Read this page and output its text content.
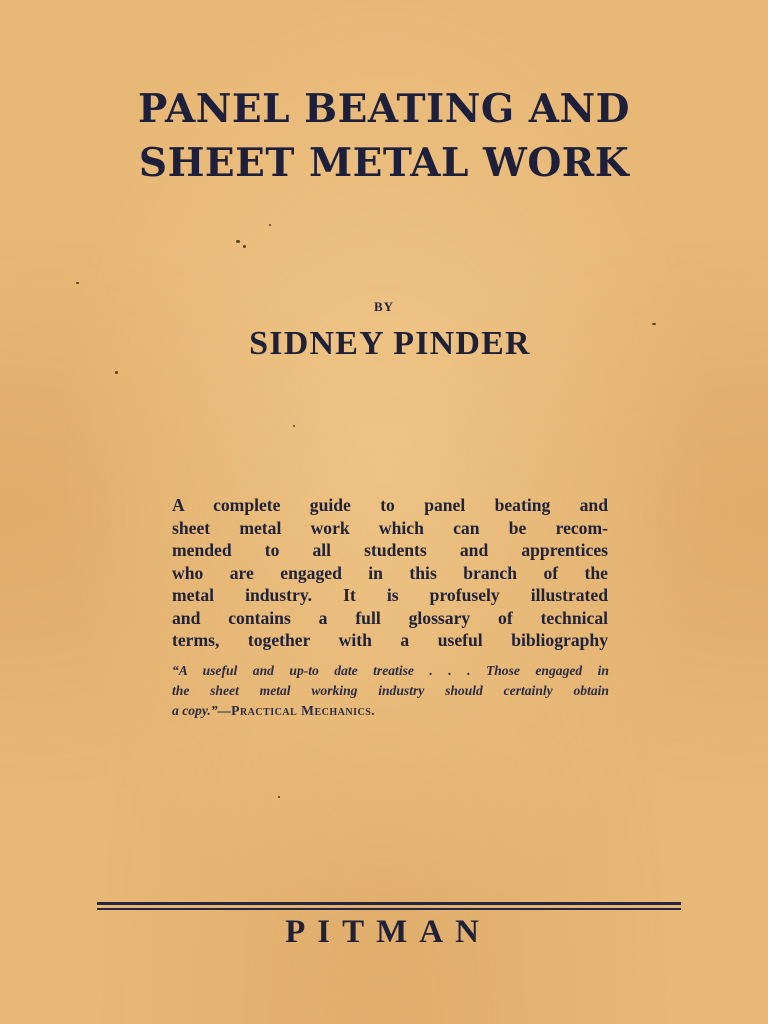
PANEL BEATING AND
SHEET METAL WORK
BY
SIDNEY PINDER
A complete guide to panel beating and
sheet metal work which can be recom-
mended to all students and apprentices
who are engaged in this branch of the
metal industry. It is profusely illustrated
and contains a full glossary of technical
terms, together with a useful bibliography
“A useful and up-to date treatise . . . Those engaged in
the sheet metal working industry should certainly obtain
a copy.”—Practical Mechanics.
PITMAN
